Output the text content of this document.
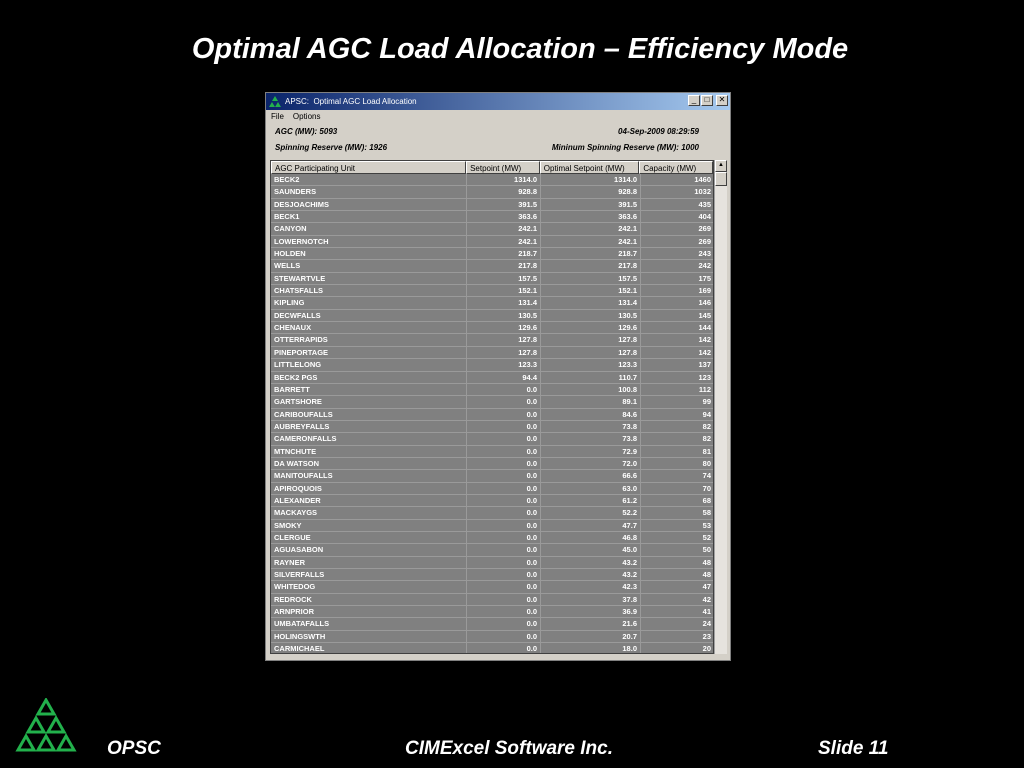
Optimal AGC Load Allocation – Efficiency Mode
APSC:  Optimal AGC Load Allocation	_	□	✕
File	Options
AGC (MW): 5093	04-Sep-2009 08:29:59
Spinning Reserve (MW): 1926	Mininum Spinning Reserve (MW): 1000
AGC Participating Unit	Setpoint (MW)	Optimal Setpoint (MW)	Capacity (MW)
BECK2	1314.0	1314.0	1460
SAUNDERS	928.8	928.8	1032
DESJOACHIMS	391.5	391.5	435
BECK1	363.6	363.6	404
CANYON	242.1	242.1	269
LOWERNOTCH	242.1	242.1	269
HOLDEN	218.7	218.7	243
WELLS	217.8	217.8	242
STEWARTVLE	157.5	157.5	175
CHATSFALLS	152.1	152.1	169
KIPLING	131.4	131.4	146
DECWFALLS	130.5	130.5	145
CHENAUX	129.6	129.6	144
OTTERRAPIDS	127.8	127.8	142
PINEPORTAGE	127.8	127.8	142
LITTLELONG	123.3	123.3	137
BECK2 PGS	94.4	110.7	123
BARRETT	0.0	100.8	112
GARTSHORE	0.0	89.1	99
CARIBOUFALLS	0.0	84.6	94
AUBREYFALLS	0.0	73.8	82
CAMERONFALLS	0.0	73.8	82
MTNCHUTE	0.0	72.9	81
DA WATSON	0.0	72.0	80
MANITOUFALLS	0.0	66.6	74
APIROQUOIS	0.0	63.0	70
ALEXANDER	0.0	61.2	68
MACKAYGS	0.0	52.2	58
SMOKY	0.0	47.7	53
CLERGUE	0.0	46.8	52
AGUASABON	0.0	45.0	50
RAYNER	0.0	43.2	48
SILVERFALLS	0.0	43.2	48
WHITEDOG	0.0	42.3	47
REDROCK	0.0	37.8	42
ARNPRIOR	0.0	36.9	41
UMBATAFALLS	0.0	21.6	24
HOLINGSWTH	0.0	20.7	23
CARMICHAEL	0.0	18.0	20
▲
OPSC	CIMExcel Software Inc.	Slide 11
